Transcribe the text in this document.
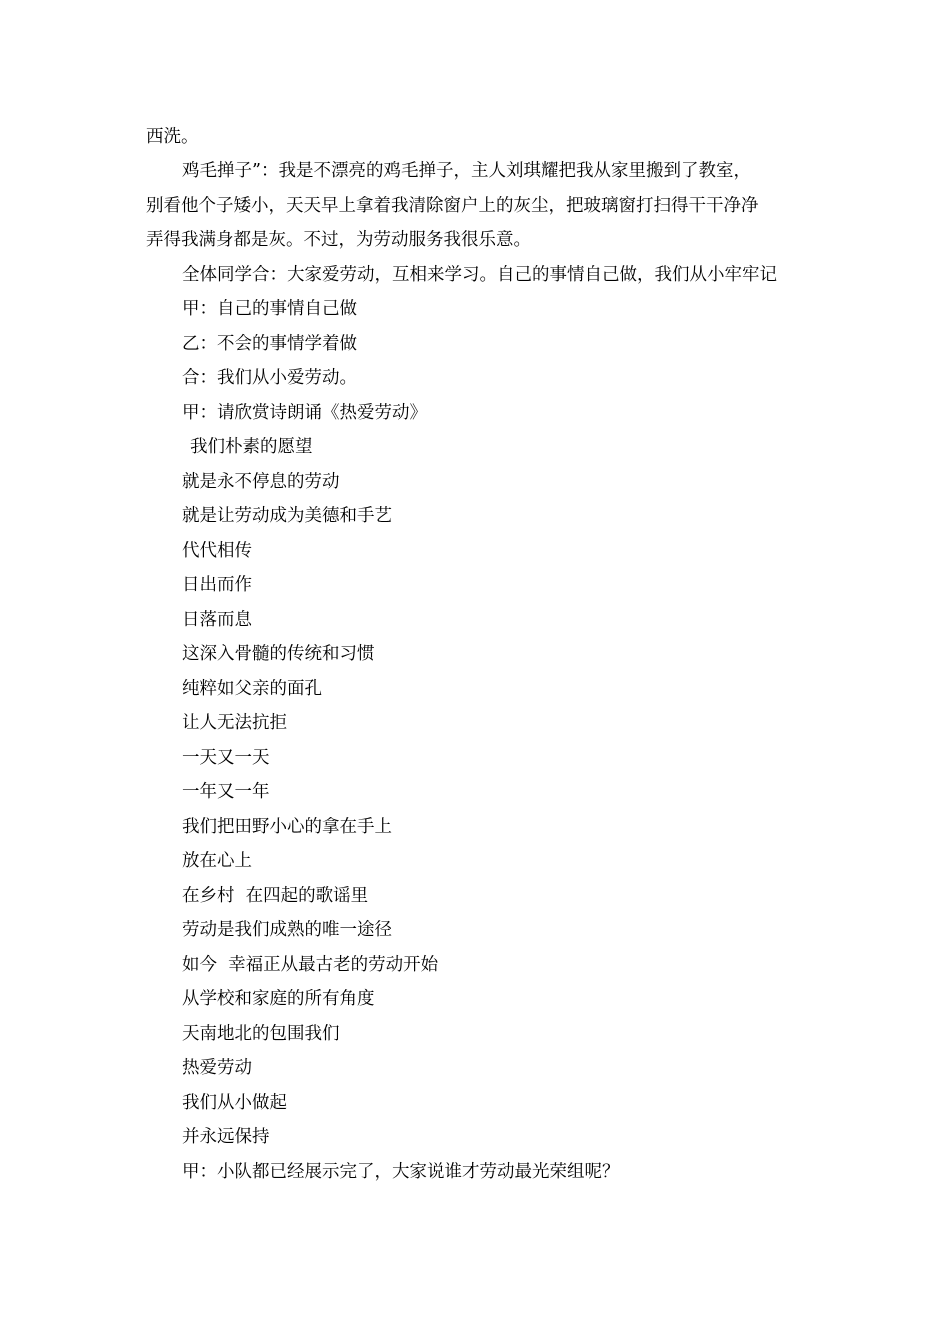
西洗。
鸡毛掸子”：我是不漂亮的鸡毛掸子，主人刘琪耀把我从家里搬到了教室，
别看他个子矮小，天天早上拿着我清除窗户上的灰尘，把玻璃窗打扫得干干净净
弄得我满身都是灰。不过，为劳动服务我很乐意。
全体同学合：大家爱劳动，互相来学习。自己的事情自己做，我们从小牢牢记
甲：自己的事情自己做
乙：不会的事情学着做
合：我们从小爱劳动。
甲：请欣赏诗朗诵《热爱劳动》
我们朴素的愿望
就是永不停息的劳动
就是让劳动成为美德和手艺
代代相传
日出而作
日落而息
这深入骨髓的传统和习惯
纯粹如父亲的面孔
让人无法抗拒
一天又一天
一年又一年
我们把田野小心的拿在手上
放在心上
在乡村  在四起的歌谣里
劳动是我们成熟的唯一途径
如今  幸福正从最古老的劳动开始
从学校和家庭的所有角度
天南地北的包围我们
热爱劳动
我们从小做起
并永远保持
甲：小队都已经展示完了，大家说谁才劳动最光荣组呢？
